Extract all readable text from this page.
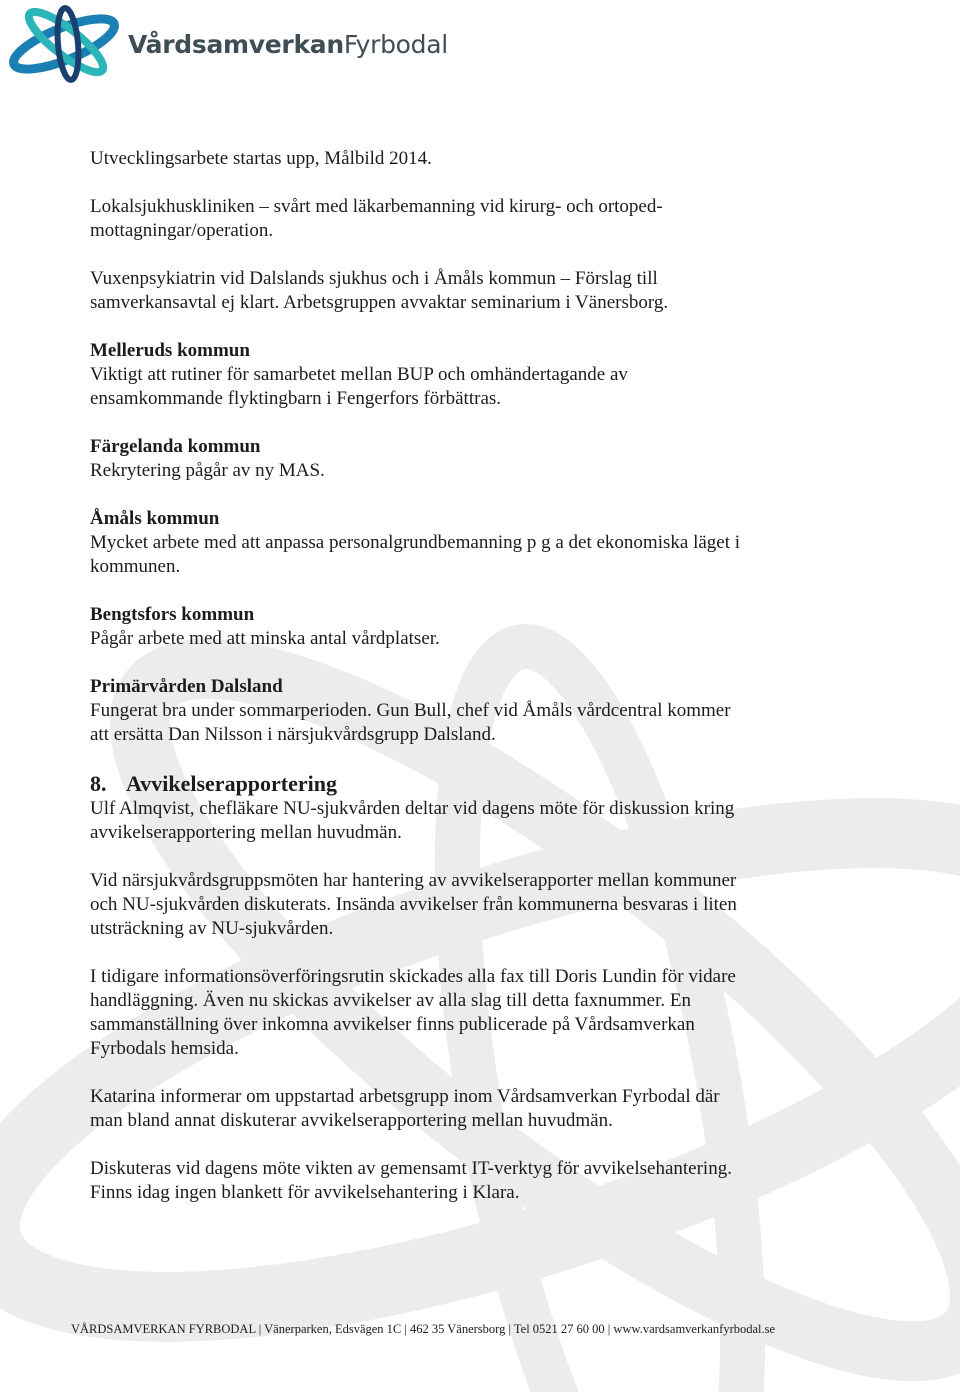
VårdsamverkanFyrbodal

Utvecklingsarbete startas upp, Målbild 2014.

Lokalsjukhuskliniken – svårt med läkarbemanning vid kirurg- och ortoped-
mottagningar/operation.

Vuxenpsykiatrin vid Dalslands sjukhus och i Åmåls kommun – Förslag till
samverkansavtal ej klart. Arbetsgruppen avvaktar seminarium i Vänersborg.

Melleruds kommun

Viktigt att rutiner för samarbetet mellan BUP och omhändertagande av
ensamkommande flyktingbarn i Fengerfors förbättras.

Färgelanda kommun

Rekrytering pågår av ny MAS.

Åmåls kommun

Mycket arbete med att anpassa personalgrundbemanning p g a det ekonomiska läget i
kommunen.

Bengtsfors kommun

Pågår arbete med att minska antal vårdplatser.

Primärvården Dalsland

Fungerat bra under sommarperioden. Gun Bull, chef vid Åmåls vårdcentral kommer
att ersätta Dan Nilsson i närsjukvårdsgrupp Dalsland.

8. Avvikelserapportering

Ulf Almqvist, chefläkare NU-sjukvården deltar vid dagens möte för diskussion kring
avvikelserapportering mellan huvudmän.

Vid närsjukvårdsgruppsmöten har hantering av avvikelserapporter mellan kommuner
och NU-sjukvården diskuterats. Insända avvikelser från kommunerna besvaras i liten
utsträckning av NU-sjukvården.

I tidigare informationsöverföringsrutin skickades alla fax till Doris Lundin för vidare
handläggning. Även nu skickas avvikelser av alla slag till detta faxnummer. En
sammanställning över inkomna avvikelser finns publicerade på Vårdsamverkan
Fyrbodals hemsida.

Katarina informerar om uppstartad arbetsgrupp inom Vårdsamverkan Fyrbodal där
man bland annat diskuterar avvikelserapportering mellan huvudmän.

Diskuteras vid dagens möte vikten av gemensamt IT-verktyg för avvikelsehantering.
Finns idag ingen blankett för avvikelsehantering i Klara.

VÅRDSAMVERKAN FYRBODAL | Vänerparken, Edsvägen 1C | 462 35 Vänersborg | Tel 0521 27 60 00 | www.vardsamverkanfyrbodal.se
